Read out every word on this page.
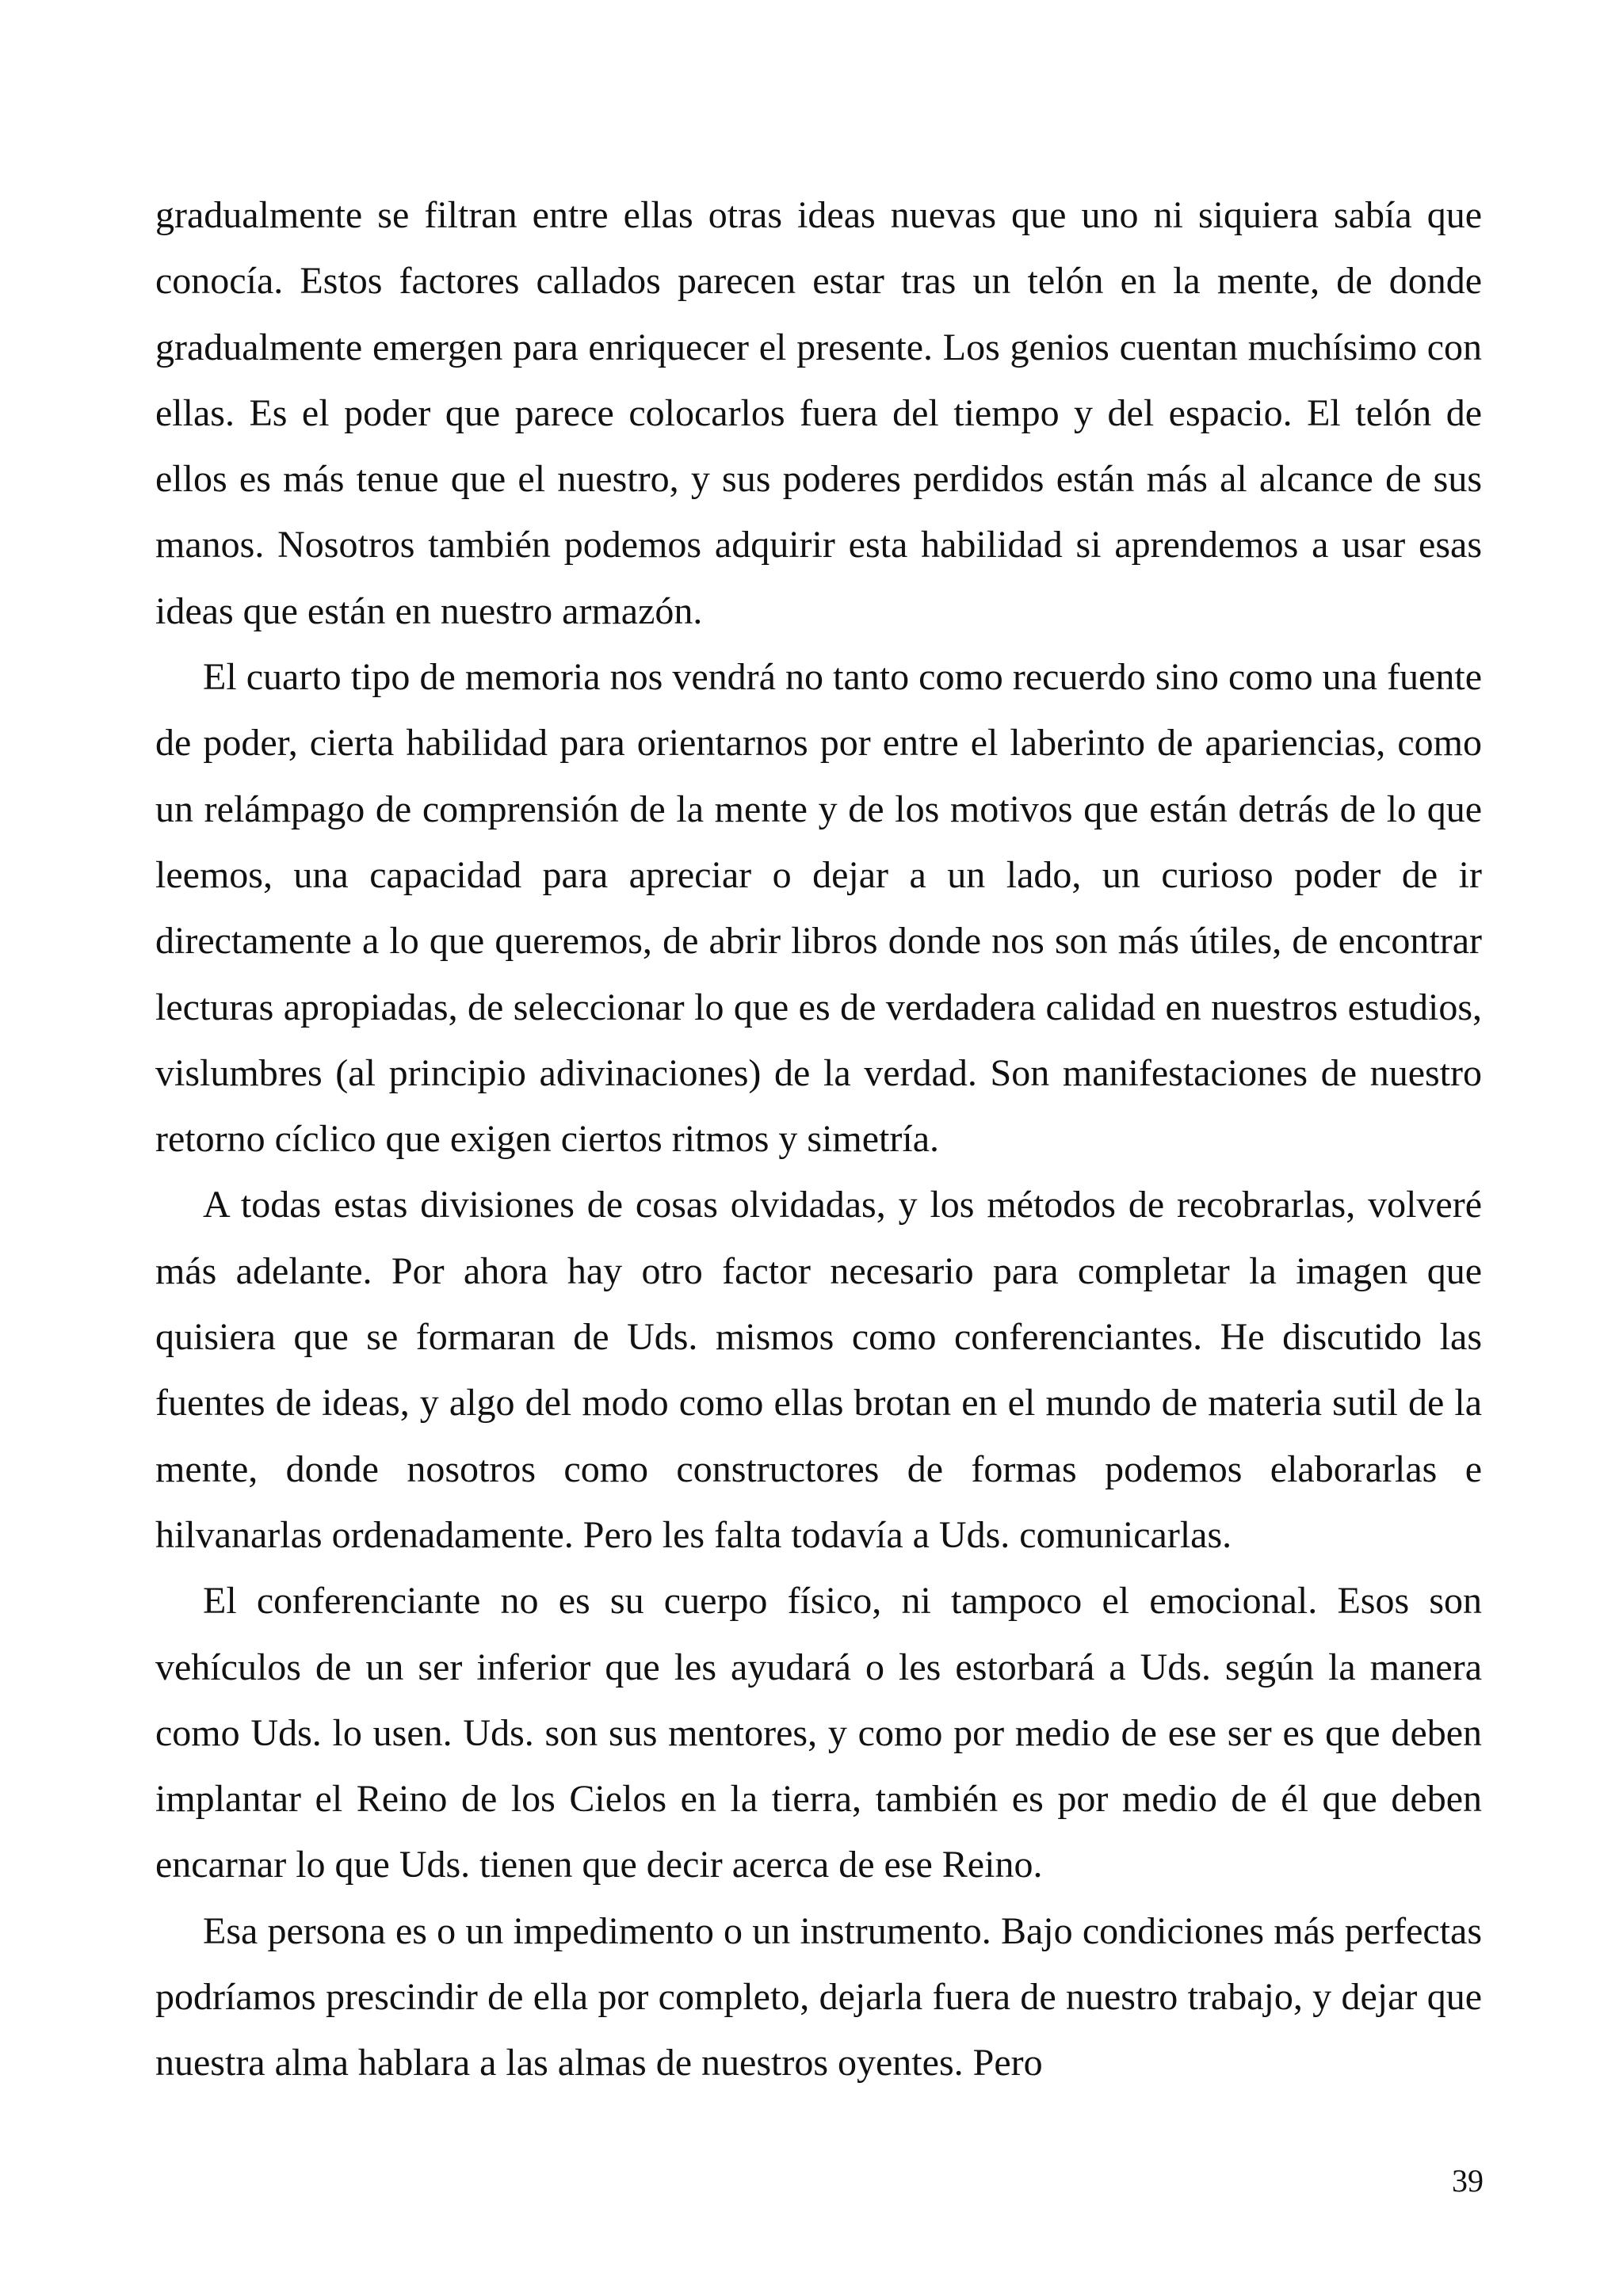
gradualmente se filtran entre ellas otras ideas nuevas que uno ni siquiera sabía que conocía. Estos factores callados parecen estar tras un telón en la mente, de donde gradualmente emergen para enriquecer el presente. Los genios cuentan muchísimo con ellas. Es el poder que parece colocarlos fuera del tiempo y del espacio. El telón de ellos es más tenue que el nuestro, y sus poderes perdidos están más al alcance de sus manos. Nosotros también podemos adquirir esta habilidad si aprendemos a usar esas ideas que están en nuestro armazón.

El cuarto tipo de memoria nos vendrá no tanto como recuerdo sino como una fuente de poder, cierta habilidad para orientarnos por entre el laberinto de apariencias, como un relámpago de comprensión de la mente y de los motivos que están detrás de lo que leemos, una capacidad para apreciar o dejar a un lado, un curioso poder de ir directamente a lo que queremos, de abrir libros donde nos son más útiles, de encontrar lecturas apropiadas, de seleccionar lo que es de verdadera calidad en nuestros estudios, vislumbres (al principio adivinaciones) de la verdad. Son manifestaciones de nuestro retorno cíclico que exigen ciertos ritmos y simetría.

A todas estas divisiones de cosas olvidadas, y los métodos de recobrarlas, volveré más adelante. Por ahora hay otro factor necesario para completar la imagen que quisiera que se formaran de Uds. mismos como conferenciantes. He discutido las fuentes de ideas, y algo del modo como ellas brotan en el mundo de materia sutil de la mente, donde nosotros como constructores de formas podemos elaborarlas e hilvanarlas ordenadamente. Pero les falta todavía a Uds. comunicarlas.

El conferenciante no es su cuerpo físico, ni tampoco el emocional. Esos son vehículos de un ser inferior que les ayudará o les estorbará a Uds. según la manera como Uds. lo usen. Uds. son sus mentores, y como por medio de ese ser es que deben implantar el Reino de los Cielos en la tierra, también es por medio de él que deben encarnar lo que Uds. tienen que decir acerca de ese Reino.

Esa persona es o un impedimento o un instrumento. Bajo condiciones más perfectas podríamos prescindir de ella por completo, dejarla fuera de nuestro trabajo, y dejar que nuestra alma hablara a las almas de nuestros oyentes. Pero

39
